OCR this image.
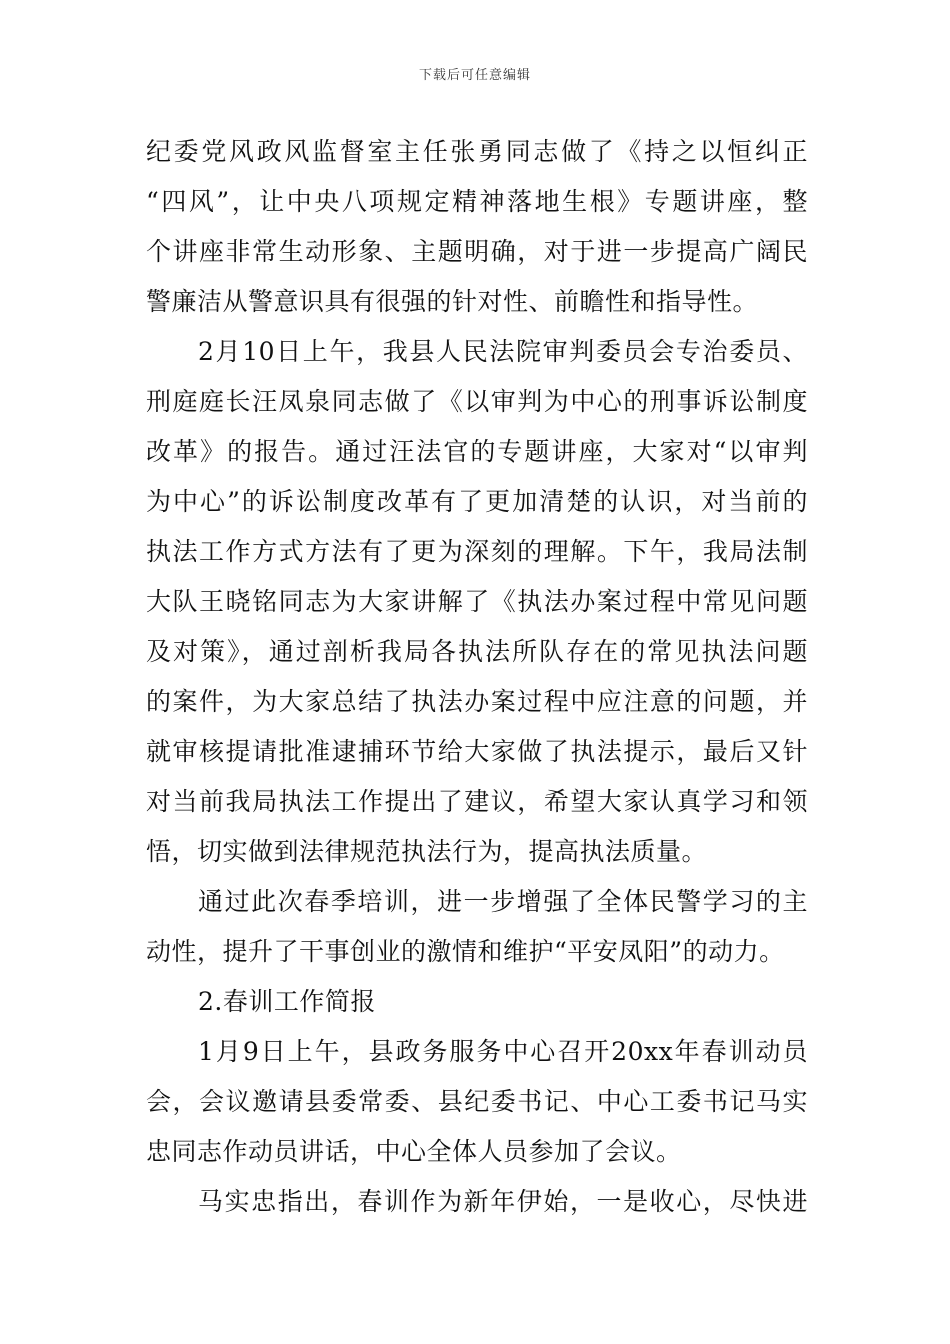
下载后可任意编辑
纪委党风政风监督室主任张勇同志做了《持之以恒纠正
“四风”，让中央八项规定精神落地生根》专题讲座，整
个讲座非常生动形象、主题明确，对于进一步提高广阔民
警廉洁从警意识具有很强的针对性、前瞻性和指导性。
2月10日上午，我县人民法院审判委员会专治委员、
刑庭庭长汪凤泉同志做了《以审判为中心的刑事诉讼制度
改革》的报告。通过汪法官的专题讲座，大家对“以审判
为中心”的诉讼制度改革有了更加清楚的认识，对当前的
执法工作方式方法有了更为深刻的理解。下午，我局法制
大队王晓铭同志为大家讲解了《执法办案过程中常见问题
及对策》，通过剖析我局各执法所队存在的常见执法问题
的案件，为大家总结了执法办案过程中应注意的问题，并
就审核提请批准逮捕环节给大家做了执法提示，最后又针
对当前我局执法工作提出了建议，希望大家认真学习和领
悟，切实做到法律规范执法行为，提高执法质量。
通过此次春季培训，进一步增强了全体民警学习的主
动性，提升了干事创业的激情和维护“平安凤阳”的动力。
2.春训工作简报
1月9日上午，县政务服务中心召开20xx年春训动员
会，会议邀请县委常委、县纪委书记、中心工委书记马实
忠同志作动员讲话，中心全体人员参加了会议。
马实忠指出，春训作为新年伊始，一是收心，尽快进
